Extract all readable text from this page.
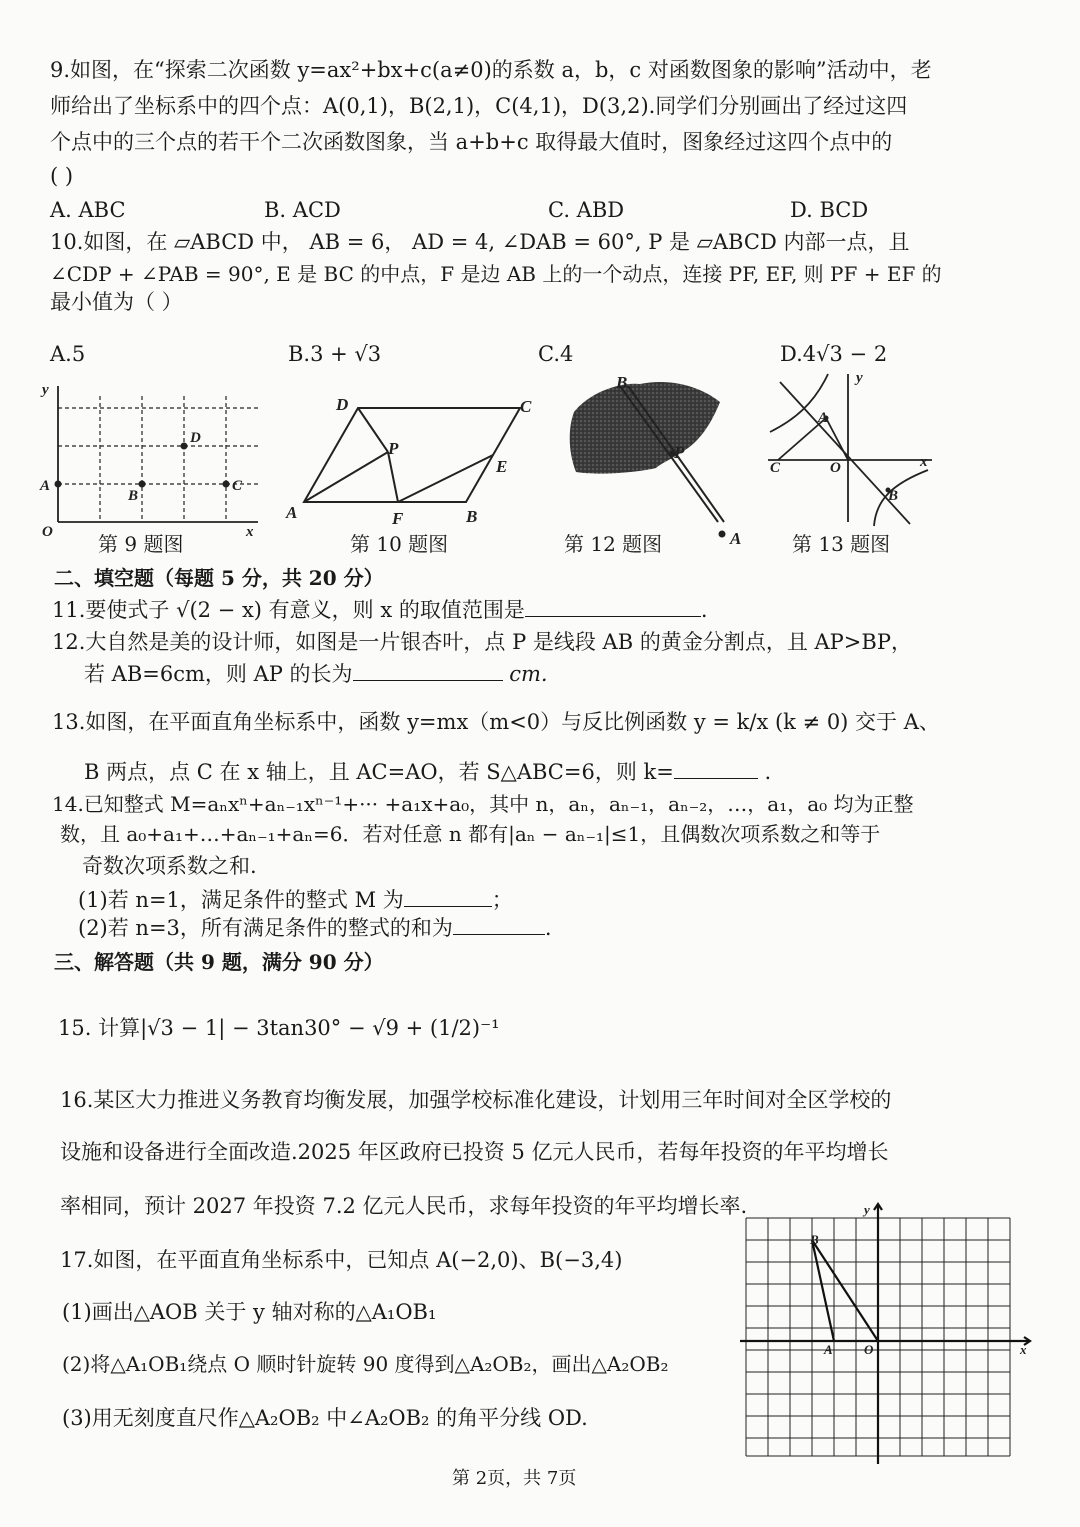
9.如图，在“探索二次函数 y=ax²+bx+c(a≠0)的系数 a，b，c 对函数图象的影响”活动中，老
师给出了坐标系中的四个点：A(0,1)，B(2,1)，C(4,1)，D(3,2).同学们分别画出了经过这四
个点中的三个点的若干个二次函数图象，当 a+b+c 取得最大值时，图象经过这四个点中的
( )
A. ABC	B. ACD	C. ABD	D. BCD
10.如图，在 ▱ABCD 中， AB = 6， AD = 4, ∠DAB = 60°, P 是 ▱ABCD 内部一点，且
∠CDP + ∠PAB = 90°, E 是 BC 的中点，F 是边 AB 上的一个动点，连接 PF, EF, 则 PF + EF 的
最小值为（ ）
A.5	B.3 + √3	C.4	D.4√3 − 2
y
D
A
B
C
O	x
D	C
P
E
A	F	B
B
P
A
y
A
C	O	x
B
第 9 题图	第 10 题图	第 12 题图	第 13 题图
二、填空题（每题 5 分，共 20 分）
11.要使式子 √(2 − x) 有意义，则 x 的取值范围是	.
12.大自然是美的设计师，如图是一片银杏叶，点 P 是线段 AB 的黄金分割点，且 AP>BP，
若 AB=6cm，则 AP 的长为	cm.
13.如图，在平面直角坐标系中，函数 y=mx（m<0）与反比例函数 y = k/x (k ≠ 0) 交于 A、
B 两点，点 C 在 x 轴上，且 AC=AO，若 S△ABC=6，则 k=	.
14.已知整式 M=aₙxⁿ+aₙ₋₁xⁿ⁻¹+··· +a₁x+a₀，其中 n，aₙ，aₙ₋₁，aₙ₋₂，…，a₁，a₀ 均为正整
数，且 a₀+a₁+…+aₙ₋₁+aₙ=6．若对任意 n 都有|aₙ − aₙ₋₁|≤1，且偶数次项系数之和等于
奇数次项系数之和.
(1)若 n=1，满足条件的整式 M 为	；
(2)若 n=3，所有满足条件的整式的和为	.
三、解答题（共 9 题，满分 90 分）
15. 计算|√3 − 1| − 3tan30° − √9 + (1/2)⁻¹
16.某区大力推进义务教育均衡发展，加强学校标准化建设，计划用三年时间对全区学校的
设施和设备进行全面改造.2025 年区政府已投资 5 亿元人民币，若每年投资的年平均增长
率相同，预计 2027 年投资 7.2 亿元人民币，求每年投资的年平均增长率.
17.如图，在平面直角坐标系中，已知点 A(−2,0)、B(−3,4)
(1)画出△AOB 关于 y 轴对称的△A₁OB₁
(2)将△A₁OB₁绕点 O 顺时针旋转 90 度得到△A₂OB₂，画出△A₂OB₂
(3)用无刻度直尺作△A₂OB₂ 中∠A₂OB₂ 的角平分线 OD.
y
B
A O	x
第 2页，共 7页
